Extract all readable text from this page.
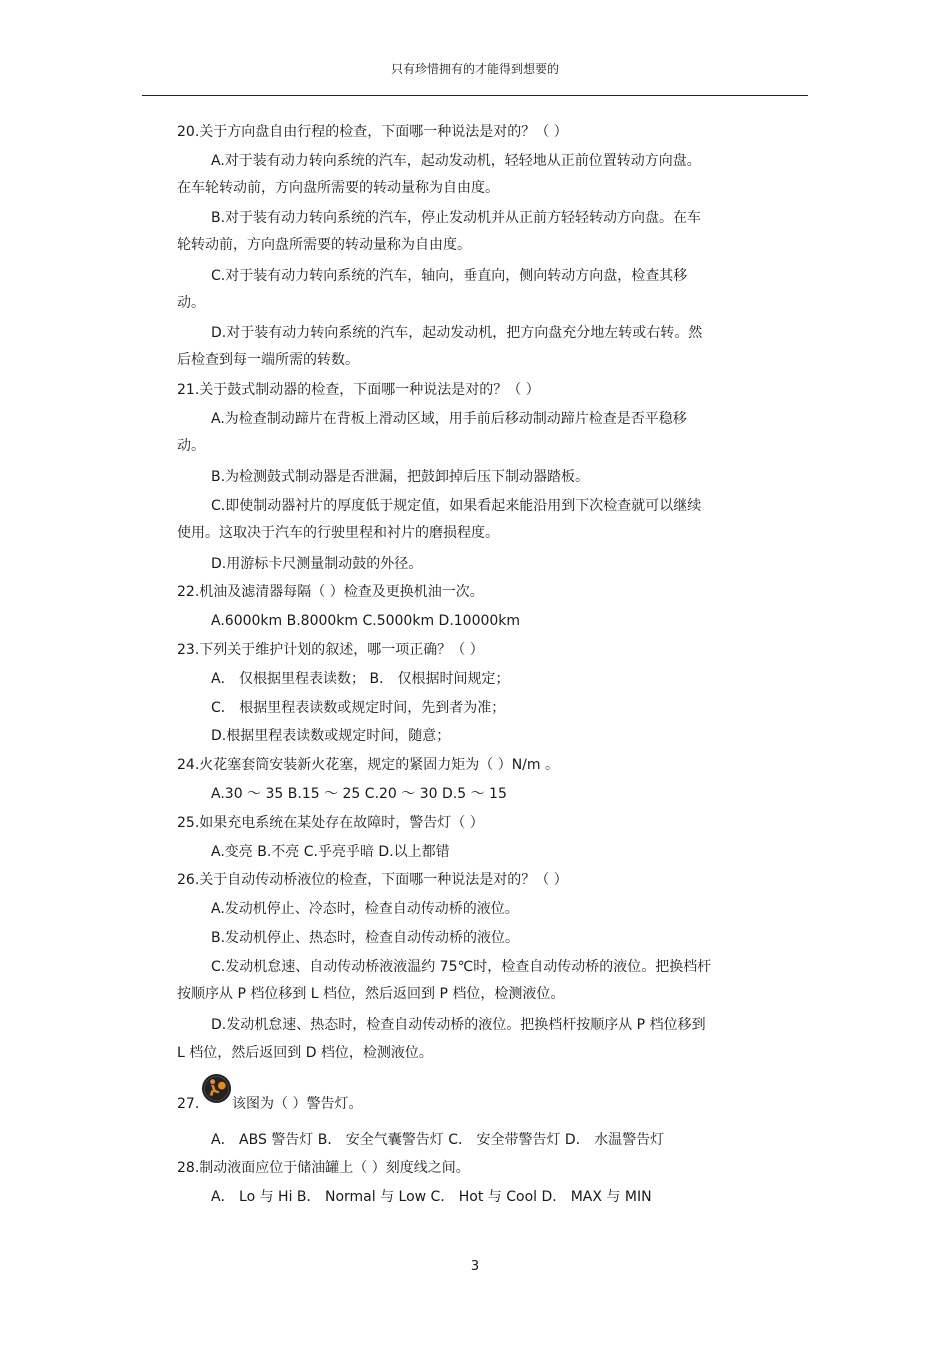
只有珍惜拥有的才能得到想要的
20.关于方向盘自由行程的检查，下面哪一种说法是对的？（ ）
A.对于装有动力转向系统的汽车，起动发动机，轻轻地从正前位置转动方向盘。
在车轮转动前，方向盘所需要的转动量称为自由度。
B.对于装有动力转向系统的汽车，停止发动机并从正前方轻轻转动方向盘。在车
轮转动前，方向盘所需要的转动量称为自由度。
C.对于装有动力转向系统的汽车，轴向，垂直向，侧向转动方向盘，检查其移
动。
D.对于装有动力转向系统的汽车，起动发动机，把方向盘充分地左转或右转。然
后检查到每一端所需的转数。
21.关于鼓式制动器的检查，下面哪一种说法是对的？（ ）
A.为检查制动蹄片在背板上滑动区域，用手前后移动制动蹄片检查是否平稳移
动。
B.为检测鼓式制动器是否泄漏，把鼓卸掉后压下制动器踏板。
C.即使制动器衬片的厚度低于规定值，如果看起来能沿用到下次检查就可以继续
使用。这取决于汽车的行驶里程和衬片的磨损程度。
D.用游标卡尺测量制动鼓的外径。
22.机油及滤清器每隔（ ）检查及更换机油一次。
A.6000km B.8000km C.5000km D.10000km
23.下列关于维护计划的叙述，哪一项正确？（ ）
A． 仅根据里程表读数； B． 仅根据时间规定；
C． 根据里程表读数或规定时间，先到者为准；
D.根据里程表读数或规定时间，随意；
24.火花塞套筒安装新火花塞，规定的紧固力矩为（ ）N/m 。
A.30 ～ 35 B.15 ～ 25 C.20 ～ 30 D.5 ～ 15
25.如果充电系统在某处存在故障时，警告灯（ ）
A.变亮 B.不亮 C.乎亮乎暗 D.以上都错
26.关于自动传动桥液位的检查，下面哪一种说法是对的？（ ）
A.发动机停止、冷态时，检查自动传动桥的液位。
B.发动机停止、热态时，检查自动传动桥的液位。
C.发动机怠速、自动传动桥液液温约 75℃时，检查自动传动桥的液位。把换档杆
按顺序从 P 档位移到 L 档位，然后返回到 P 档位，检测液位。
D.发动机怠速、热态时，检查自动传动桥的液位。把换档杆按顺序从 P 档位移到
L 档位，然后返回到 D 档位，检测液位。
27. 该图为（ ）警告灯。
A． ABS 警告灯 B． 安全气囊警告灯 C． 安全带警告灯 D． 水温警告灯
28.制动液面应位于储油罐上（ ）刻度线之间。
A． Lo 与 Hi B． Normal 与 Low C． Hot 与 Cool D． MAX 与 MIN
3
